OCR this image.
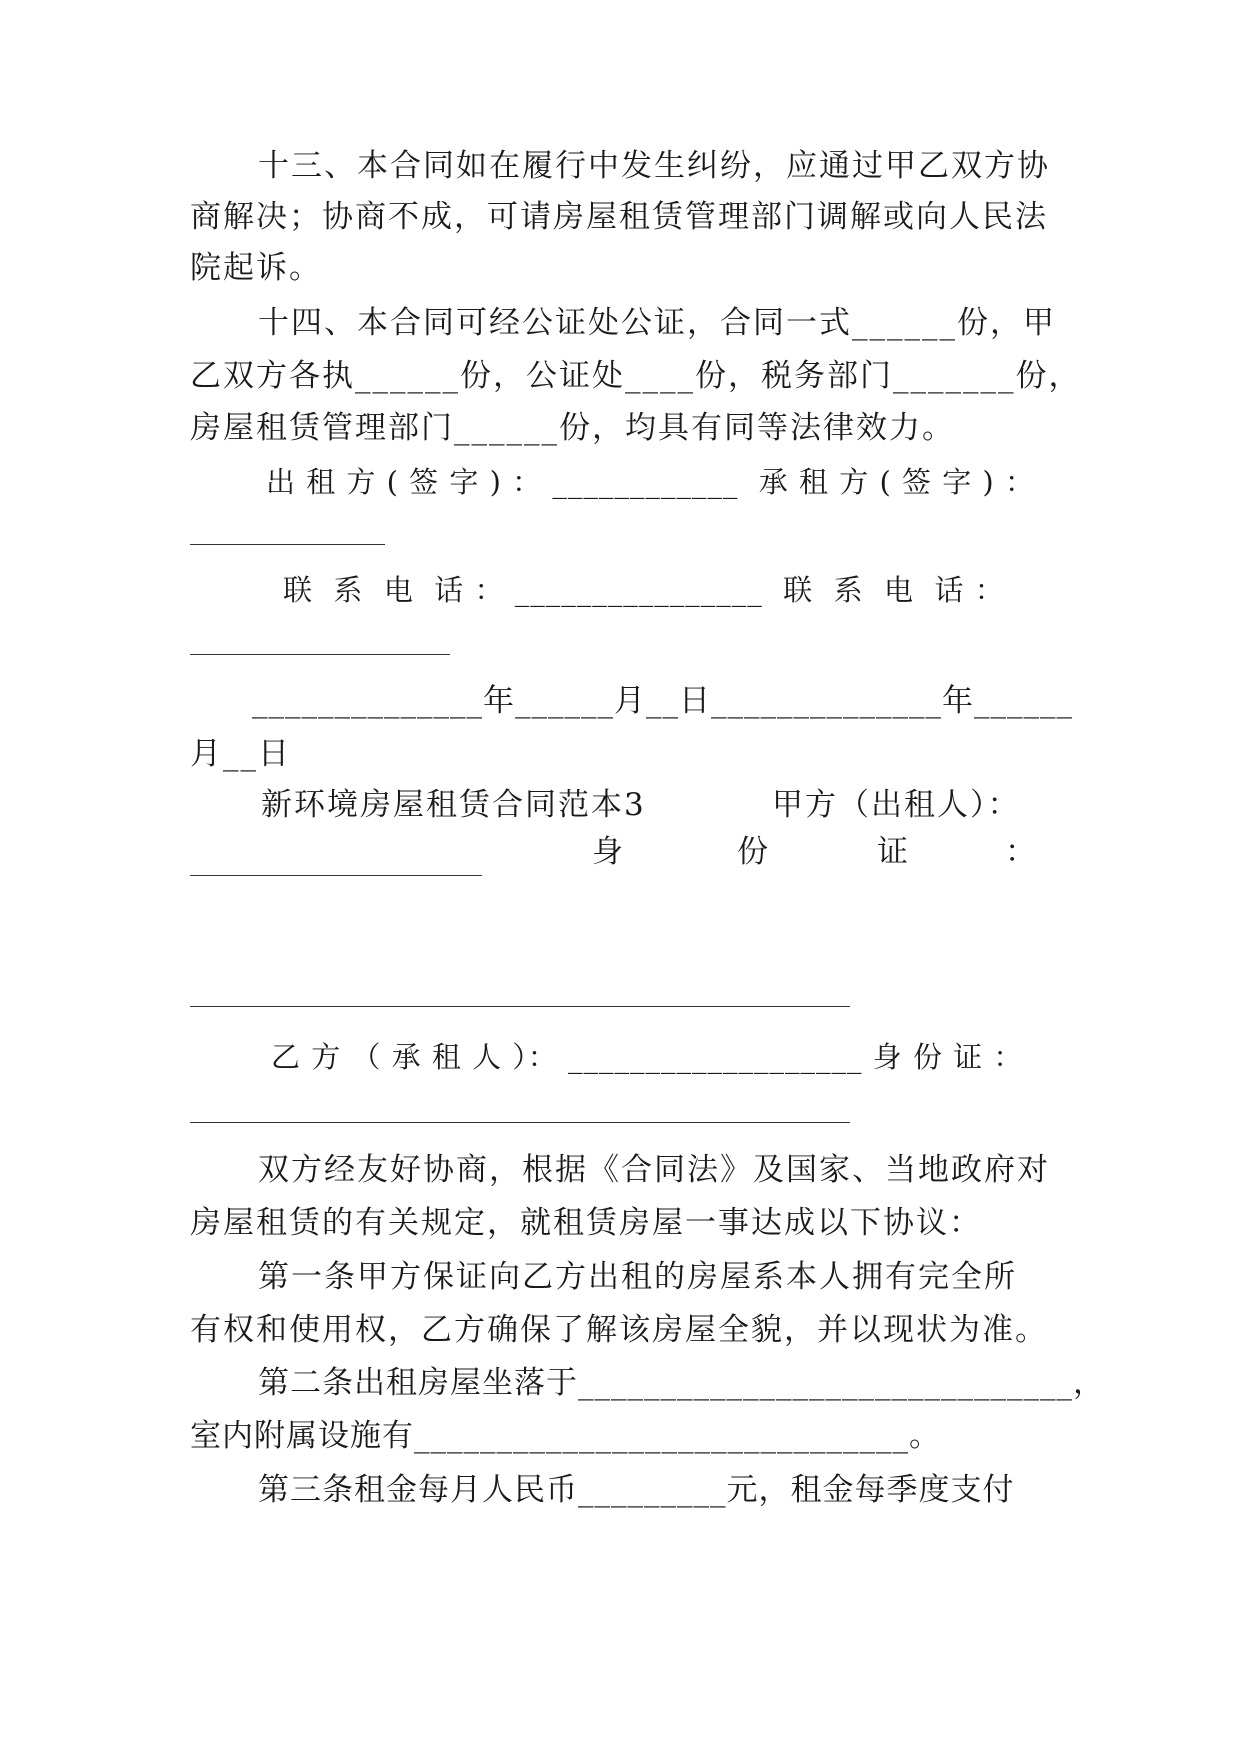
十三、本合同如在履行中发生纠纷，应通过甲乙双方协
商解决；协商不成，可请房屋租赁管理部门调解或向人民法
院起诉。
十四、本合同可经公证处公证，合同一式______份，甲
乙双方各执______份，公证处____份，税务部门_______份，
房屋租赁管理部门______份，均具有同等法律效力。
出 租 方 ( 签 字 ) ： ____________  承 租 方 ( 签 字 ) ：
联  系  电  话 ： ________________  联  系  电  话 ：
______________年______月__日______________年______
月__日
新环境房屋租赁合同范本3	甲方（出租人）：
身	份	证	：
乙 方 （ 承 租 人 ）： ___________________ 身 份 证 ：
双方经友好协商，根据《合同法》及国家、当地政府对
房屋租赁的有关规定，就租赁房屋一事达成以下协议：
第一条甲方保证向乙方出租的房屋系本人拥有完全所
有权和使用权，乙方确保了解该房屋全貌，并以现状为准。
第二条出租房屋坐落于______________________________，
室内附属设施有______________________________。
第三条租金每月人民币_________元，租金每季度支付
